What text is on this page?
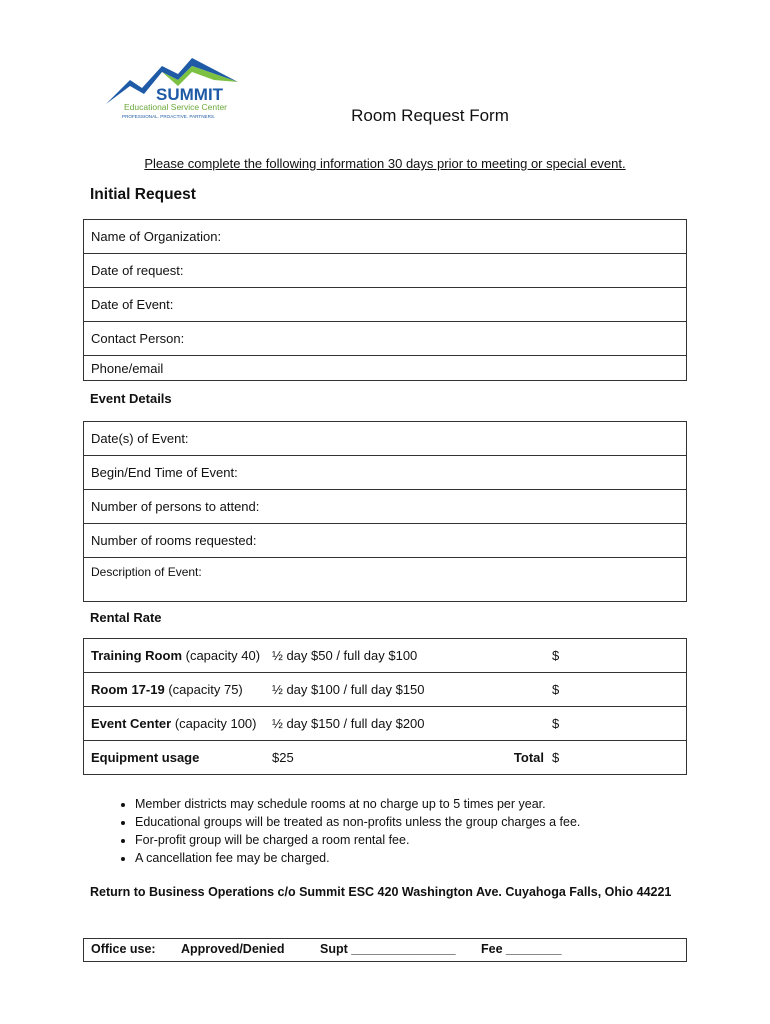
SUMMIT
Educational Service Center
PROFESSIONAL. PROACTIVE. PARTNERS.	Room Request Form
Please complete the following information 30 days prior to meeting or special event.
Initial Request
Name of Organization:
Date of request:
Date of Event:
Contact Person:
Phone/email
Event Details
Date(s) of Event:
Begin/End Time of Event:
Number of persons to attend:
Number of rooms requested:
Description of Event:
Rental Rate
Training Room (capacity 40)	½ day $50 / full day $100		$
Room 17-19 (capacity 75)	½ day $100 / full day $150		$
Event Center (capacity 100)	½ day $150 / full day $200		$
Equipment usage	$25	Total	$
• Member districts may schedule rooms at no charge up to 5 times per year.
• Educational groups will be treated as non-profits unless the group charges a fee.
• For-profit group will be charged a room rental fee.
• A cancellation fee may be charged.
Return to Business Operations c/o Summit ESC 420 Washington Ave. Cuyahoga Falls, Ohio 44221
Office use: Approved/Denied	Supt _______________ Fee ________
